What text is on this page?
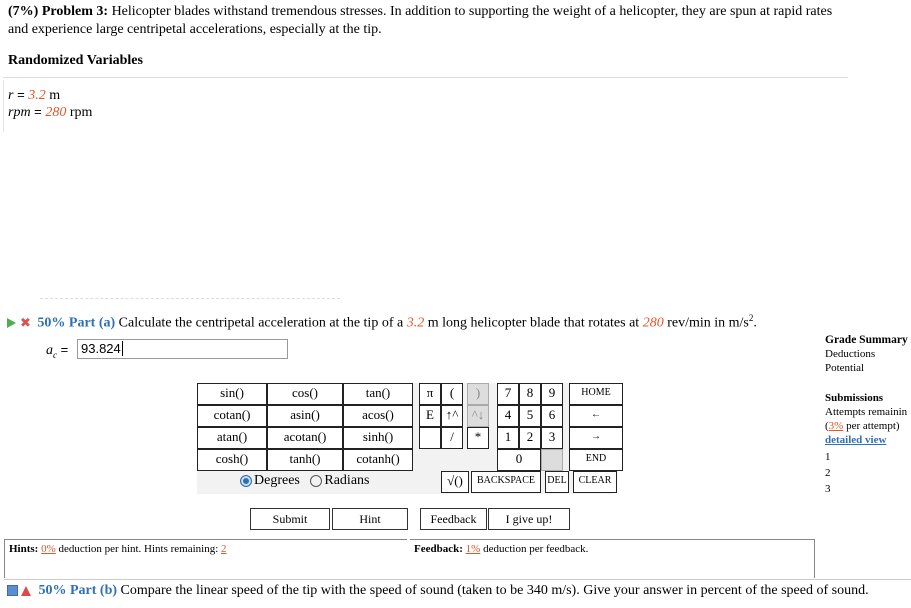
(7%) Problem 3: Helicopter blades withstand tremendous stresses. In addition to supporting the weight of a helicopter, they are spun at rapid rates and experience large centripetal accelerations, especially at the tip.
Randomized Variables
r = 3.2 m
rpm = 280 rpm
✖ 50% Part (a) Calculate the centripetal acceleration at the tip of a 3.2 m long helicopter blade that rotates at 280 rev/min in $m/s^2$.
$a_c = 93.824$
sin()	cos()	tan()
cotan()	asin()	acos()
atan()	acotan()	sinh()
cosh()	tanh()	cotanh()
π	(	)
E ↑^	^↓
/	*
√()
7	8	9
4	5	6
1	2	3
0
HOME
←
→
END
BACKSPACE	DEL	CLEAR
Degrees Radians
Submit	Hint	Feedback	I give up!
Hints: 0% deduction per hint. Hints remaining: 2	Feedback: 1% deduction per feedback.
50% Part (b) Compare the linear speed of the tip with the speed of sound (taken to be 340 m/s). Give your answer in percent of the speed of sound.
Grade Summary
Deductions
Potential
Submissions
Attempts remainin
(3% per attempt)
detailed view
1
2
3
